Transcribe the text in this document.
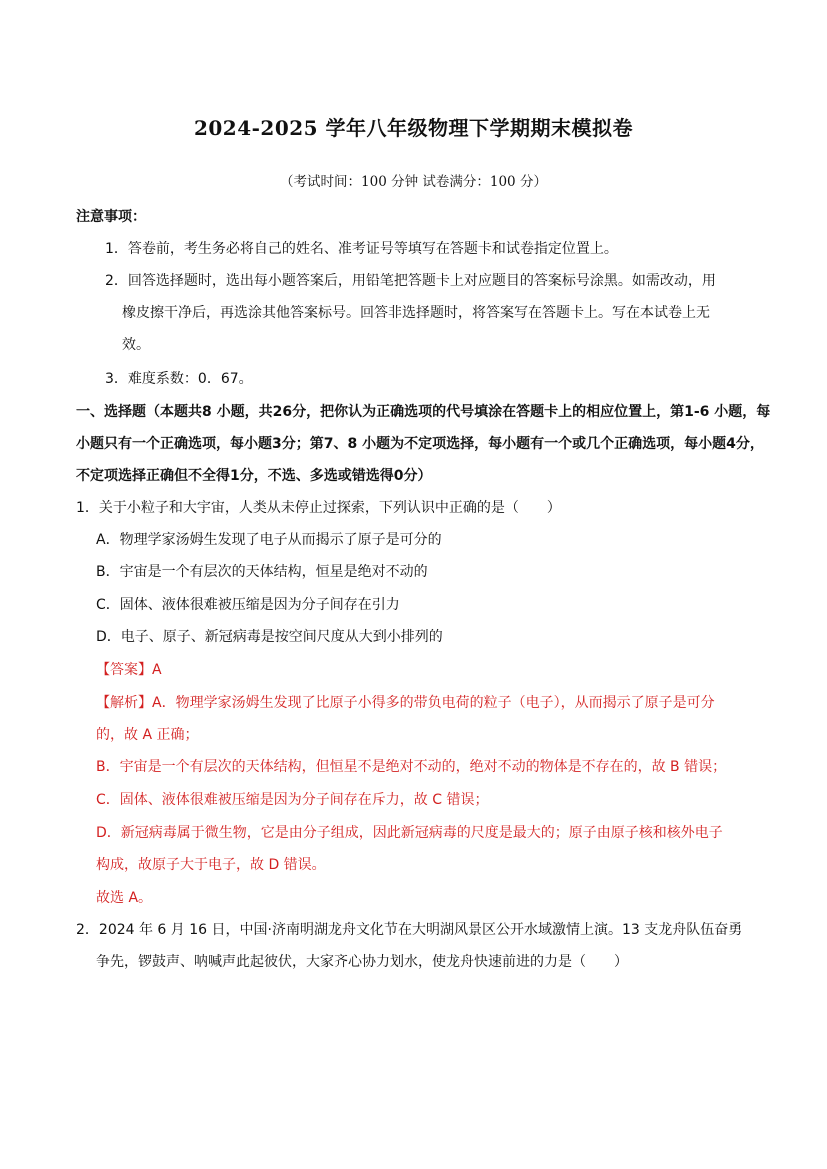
2024-2025 学年八年级物理下学期期末模拟卷
（考试时间：100 分钟 试卷满分：100 分）
注意事项：
1．答卷前，考生务必将自己的姓名、准考证号等填写在答题卡和试卷指定位置上。
2．回答选择题时，选出每小题答案后，用铅笔把答题卡上对应题目的答案标号涂黑。如需改动，用
橡皮擦干净后，再选涂其他答案标号。回答非选择题时，将答案写在答题卡上。写在本试卷上无
效。
3．难度系数：0．67。
一、选择题（本题共8 小题，共26分，把你认为正确选项的代号填涂在答题卡上的相应位置上，第1-6 小题，每
小题只有一个正确选项，每小题3分；第7、8 小题为不定项选择，每小题有一个或几个正确选项，每小题4分，
不定项选择正确但不全得1分，不选、多选或错选得0分）
1．关于小粒子和大宇宙，人类从未停止过探索，下列认识中正确的是（　　）
A．物理学家汤姆生发现了电子从而揭示了原子是可分的
B．宇宙是一个有层次的天体结构，恒星是绝对不动的
C．固体、液体很难被压缩是因为分子间存在引力
D．电子、原子、新冠病毒是按空间尺度从大到小排列的
【答案】A
【解析】A．物理学家汤姆生发现了比原子小得多的带负电荷的粒子（电子），从而揭示了原子是可分
的，故 A 正确；
B．宇宙是一个有层次的天体结构，但恒星不是绝对不动的，绝对不动的物体是不存在的，故 B 错误；
C．固体、液体很难被压缩是因为分子间存在斥力，故 C 错误；
D．新冠病毒属于微生物，它是由分子组成，因此新冠病毒的尺度是最大的；原子由原子核和核外电子
构成，故原子大于电子，故 D 错误。
故选 A。
2．2024 年 6 月 16 日，中国·济南明湖龙舟文化节在大明湖风景区公开水域激情上演。13 支龙舟队伍奋勇
争先，锣鼓声、呐喊声此起彼伏，大家齐心协力划水，使龙舟快速前进的力是（　　）
